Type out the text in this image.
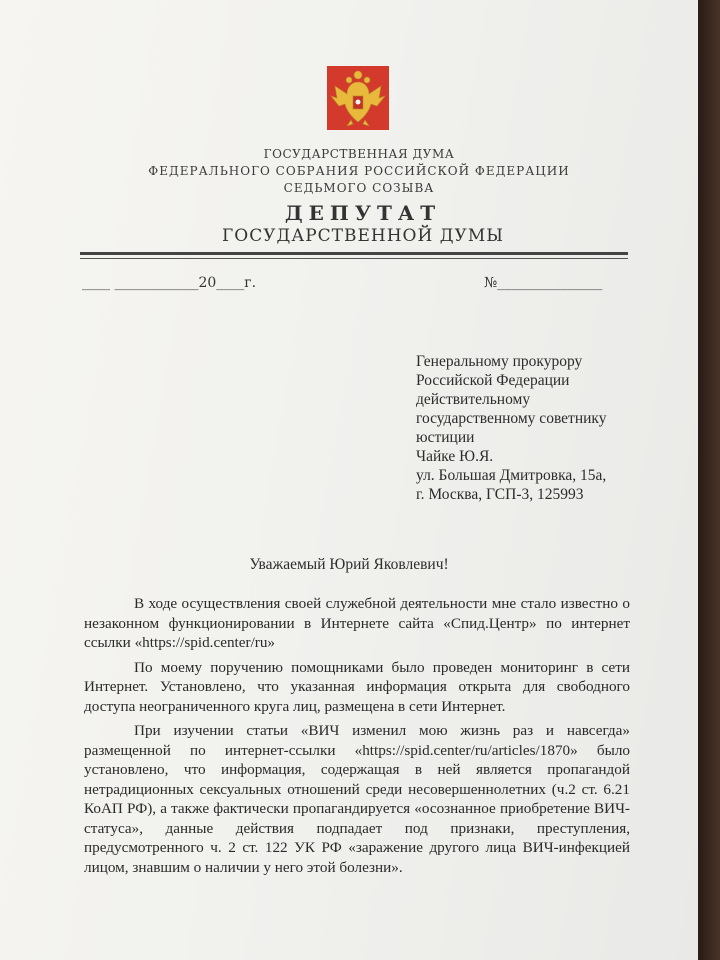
ГОСУДАРСТВЕННАЯ ДУМА
ФЕДЕРАЛЬНОГО СОБРАНИЯ РОССИЙСКОЙ ФЕДЕРАЦИИ
СЕДЬМОГО СОЗЫВА
ДЕПУТАТ
ГОСУДАРСТВЕННОЙ ДУМЫ
____ ____________20____г.	№_______________
Генеральному прокурору
Российской Федерации
действительному
государственному советнику
юстиции
Чайке Ю.Я.
ул. Большая Дмитровка, 15а,
г. Москва, ГСП-3, 125993
Уважаемый Юрий Яковлевич!

В ходе осуществления своей служебной деятельности мне стало известно о незаконном функционировании в Интернете сайта «Спид.Центр» по интернет ссылки «https://spid.center/ru»

По моему поручению помощниками было проведен мониторинг в сети Интернет. Установлено, что указанная информация открыта для свободного доступа неограниченного круга лиц, размещена в сети Интернет.

При изучении статьи «ВИЧ изменил мою жизнь раз и навсегда» размещенной по интернет-ссылки «https://spid.center/ru/articles/1870» было установлено, что информация, содержащая в ней является пропагандой нетрадиционных сексуальных отношений среди несовершеннолетних (ч.2 ст. 6.21 КоАП РФ), а также фактически пропагандируется «осознанное приобретение ВИЧ-статуса», данные действия подпадает под признаки, преступления, предусмотренного ч. 2 ст. 122 УК РФ «заражение другого лица ВИЧ-инфекцией лицом, знавшим о наличии у него этой болезни».
